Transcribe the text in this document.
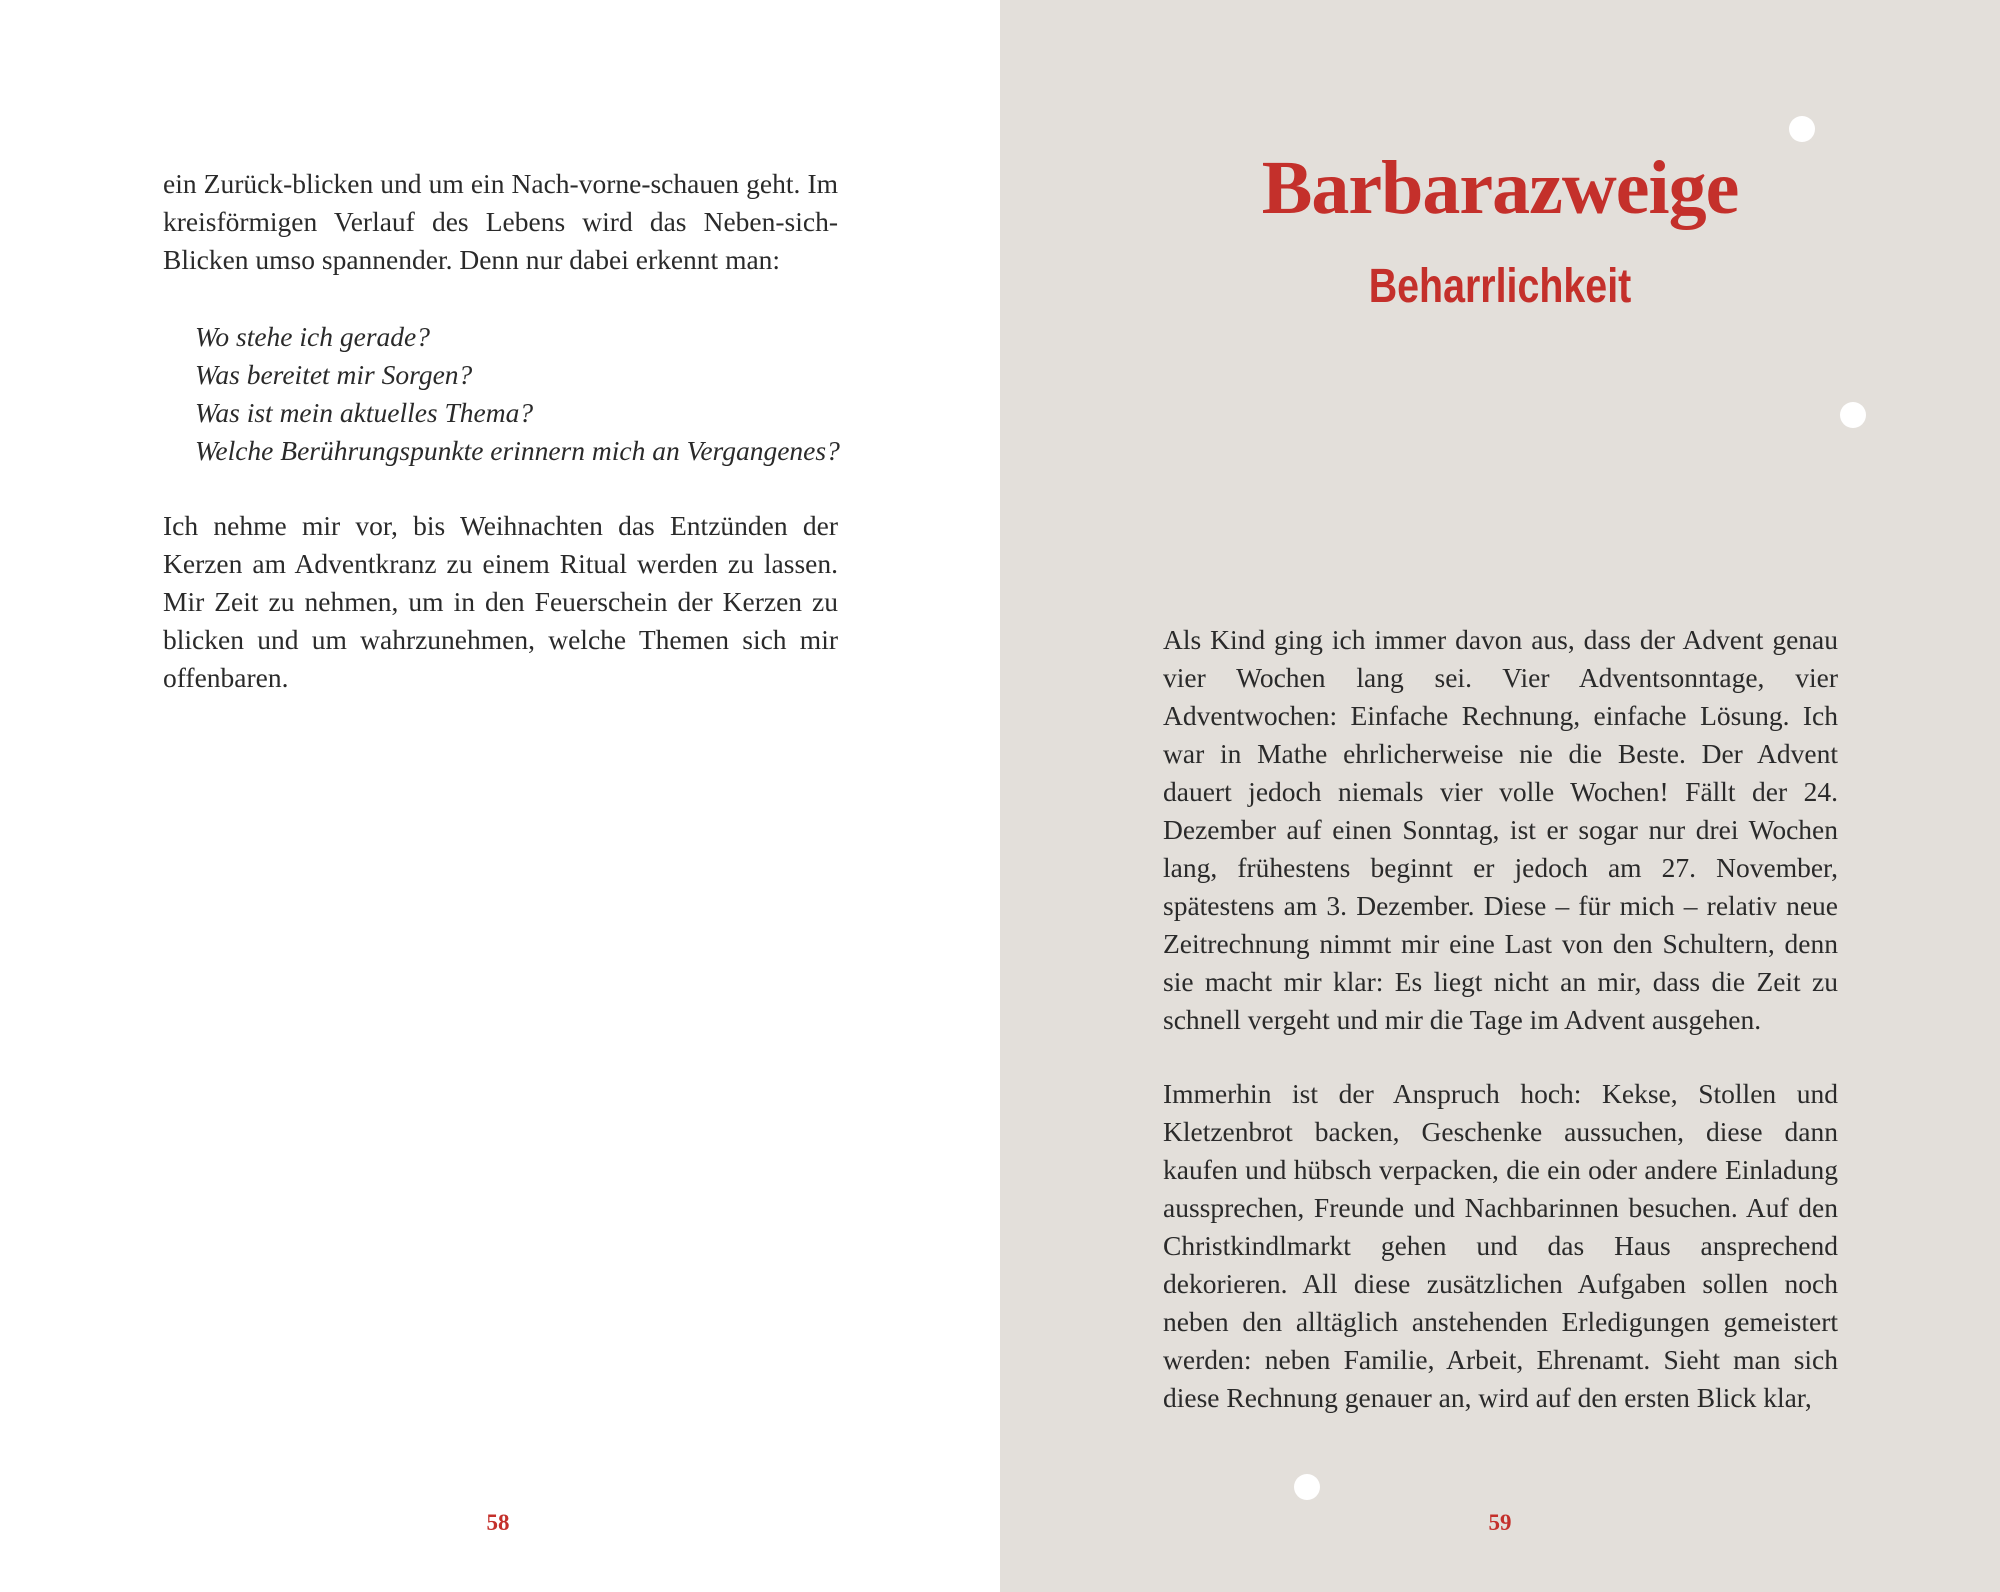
ein Zurück-blicken und um ein Nach-vorne-schauen geht. Im kreisförmigen Verlauf des Lebens wird das Neben-sich-Blicken umso spannender. Denn nur dabei erkennt man:

Wo stehe ich gerade?
Was bereitet mir Sorgen?
Was ist mein aktuelles Thema?
Welche Berührungspunkte erinnern mich an Vergangenes?

Ich nehme mir vor, bis Weihnachten das Entzünden der Kerzen am Adventkranz zu einem Ritual werden zu lassen. Mir Zeit zu nehmen, um in den Feuerschein der Kerzen zu blicken und um wahrzunehmen, welche Themen sich mir offenbaren.

58

Barbarazweige
Beharrlichkeit

Als Kind ging ich immer davon aus, dass der Advent genau vier Wochen lang sei. Vier Adventsonntage, vier Adventwochen: Einfache Rechnung, einfache Lösung. Ich war in Mathe ehrlicherweise nie die Beste. Der Advent dauert jedoch niemals vier volle Wochen! Fällt der 24. Dezember auf einen Sonntag, ist er sogar nur drei Wochen lang, frühestens beginnt er jedoch am 27. November, spätestens am 3. Dezember. Diese – für mich – relativ neue Zeitrechnung nimmt mir eine Last von den Schultern, denn sie macht mir klar: Es liegt nicht an mir, dass die Zeit zu schnell vergeht und mir die Tage im Advent ausgehen.

Immerhin ist der Anspruch hoch: Kekse, Stollen und Kletzenbrot backen, Geschenke aussuchen, diese dann kaufen und hübsch verpacken, die ein oder andere Einladung aussprechen, Freunde und Nachbarinnen besuchen. Auf den Christkindlmarkt gehen und das Haus ansprechend dekorieren. All diese zusätzlichen Aufgaben sollen noch neben den alltäglich anstehenden Erledigungen gemeistert werden: neben Familie, Arbeit, Ehrenamt. Sieht man sich diese Rechnung genauer an, wird auf den ersten Blick klar,

59
